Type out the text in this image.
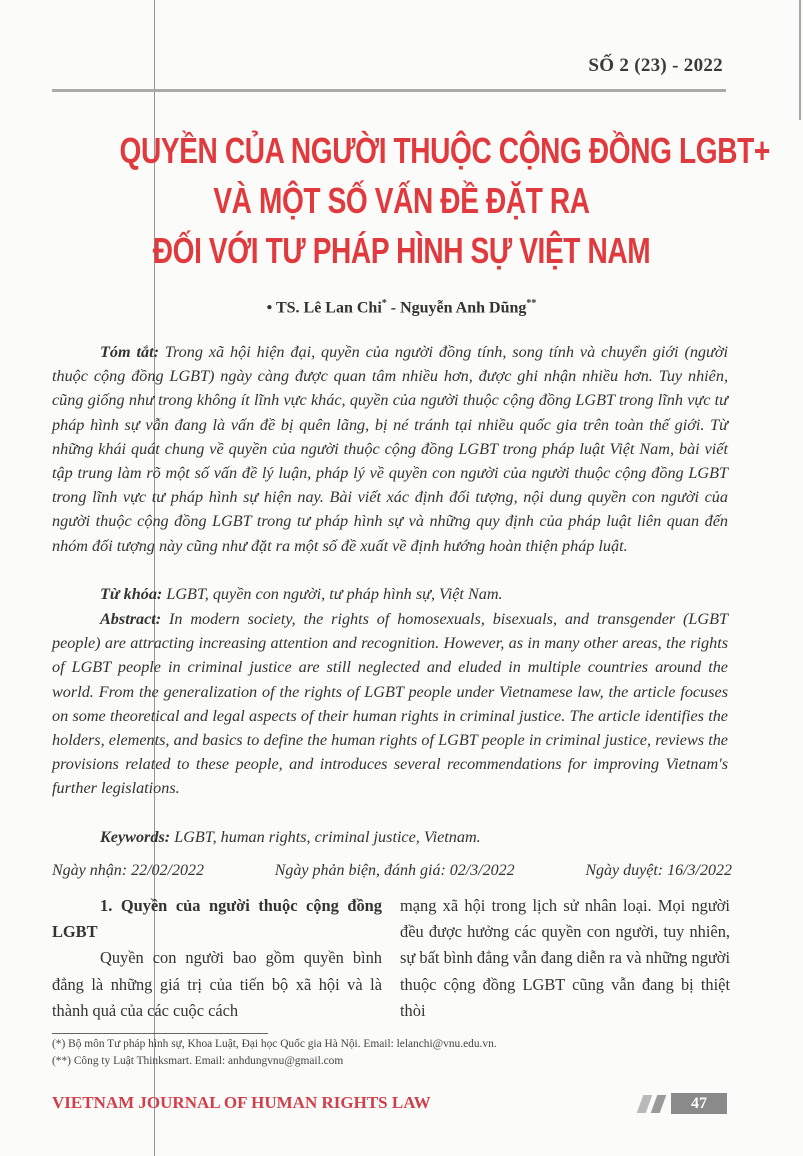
SỐ 2 (23) - 2022
QUYỀN CỦA NGƯỜI THUỘC CỘNG ĐỒNG LGBT+
VÀ MỘT SỐ VẤN ĐỀ ĐẶT RA
ĐỐI VỚI TƯ PHÁP HÌNH SỰ VIỆT NAM
• TS. Lê Lan Chi* - Nguyễn Anh Dũng**
Tóm tắt: Trong xã hội hiện đại, quyền của người đồng tính, song tính và chuyển giới (người thuộc cộng đồng LGBT) ngày càng được quan tâm nhiều hơn, được ghi nhận nhiều hơn. Tuy nhiên, cũng giống như trong không ít lĩnh vực khác, quyền của người thuộc cộng đồng LGBT trong lĩnh vực tư pháp hình sự vẫn đang là vấn đề bị quên lãng, bị né tránh tại nhiều quốc gia trên toàn thế giới. Từ những khái quát chung về quyền của người thuộc cộng đồng LGBT trong pháp luật Việt Nam, bài viết tập trung làm rõ một số vấn đề lý luận, pháp lý về quyền con người của người thuộc cộng đồng LGBT trong lĩnh vực tư pháp hình sự hiện nay. Bài viết xác định đối tượng, nội dung quyền con người của người thuộc cộng đồng LGBT trong tư pháp hình sự và những quy định của pháp luật liên quan đến nhóm đối tượng này cũng như đặt ra một số đề xuất về định hướng hoàn thiện pháp luật.
Từ khóa: LGBT, quyền con người, tư pháp hình sự, Việt Nam.
Abstract: In modern society, the rights of homosexuals, bisexuals, and transgender (LGBT people) are attracting increasing attention and recognition. However, as in many other areas, the rights of LGBT people in criminal justice are still neglected and eluded in multiple countries around the world. From the generalization of the rights of LGBT people under Vietnamese law, the article focuses on some theoretical and legal aspects of their human rights in criminal justice. The article identifies the holders, elements, and basics to define the human rights of LGBT people in criminal justice, reviews the provisions related to these people, and introduces several recommendations for improving Vietnam's further legislations.
Keywords: LGBT, human rights, criminal justice, Vietnam.
Ngày nhận: 22/02/2022	Ngày phản biện, đánh giá: 02/3/2022	Ngày duyệt: 16/3/2022
1. Quyền của người thuộc cộng đồng LGBT

Quyền con người bao gồm quyền bình đẳng là những giá trị của tiến bộ xã hội và là thành quả của các cuộc cách

mạng xã hội trong lịch sử nhân loại. Mọi người đều được hưởng các quyền con người, tuy nhiên, sự bất bình đẳng vẫn đang diễn ra và những người thuộc cộng đồng LGBT cũng vẫn đang bị thiệt thòi

(*) Bộ môn Tư pháp hình sự, Khoa Luật, Đại học Quốc gia Hà Nội. Email: lelanchi@vnu.edu.vn.
(**) Công ty Luật Thinksmart. Email: anhdungvnu@gmail.com
VIETNAM JOURNAL OF HUMAN RIGHTS LAW	47
